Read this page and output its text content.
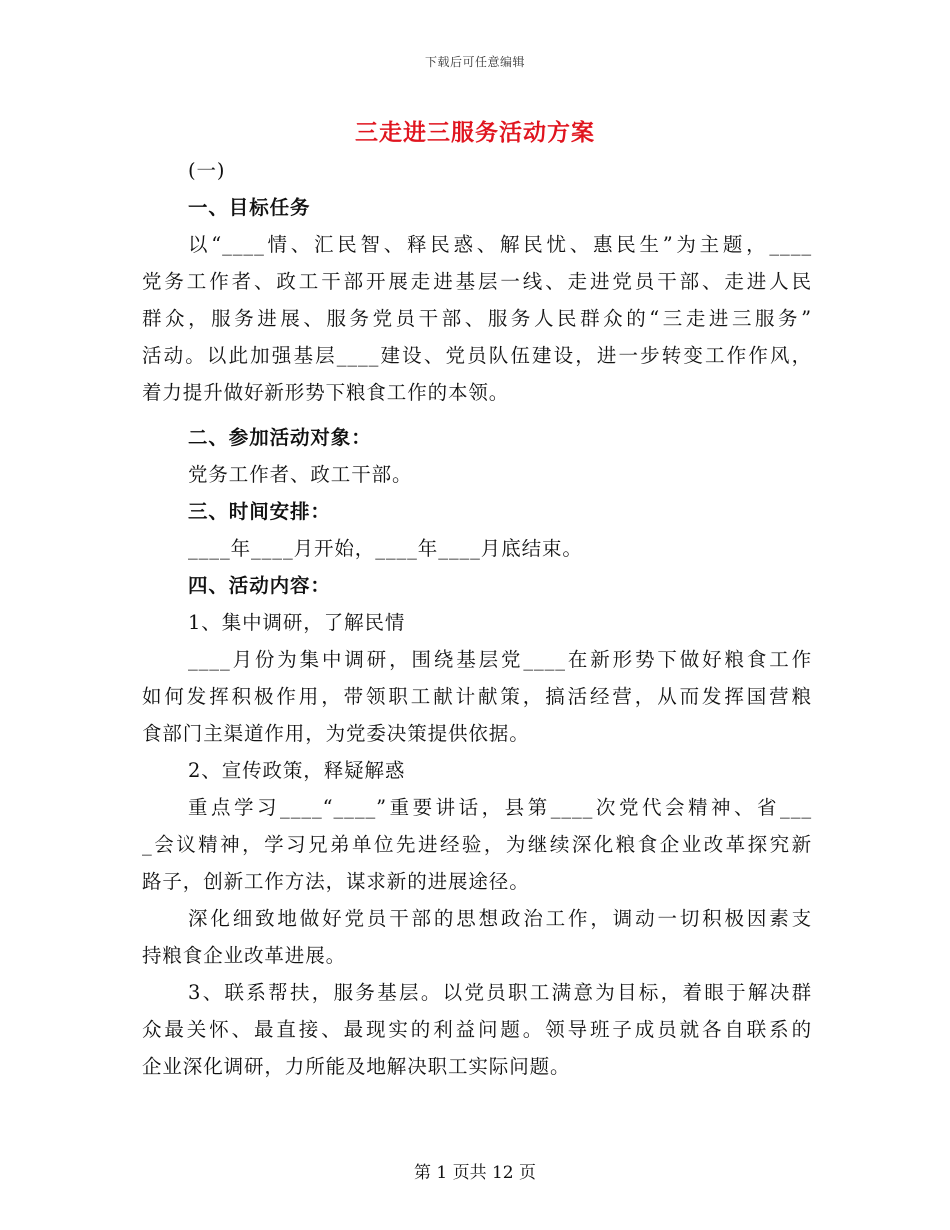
下载后可任意编辑
三走进三服务活动方案
(一)
一、目标任务
以“____情、汇民智、释民惑、解民忧、惠民生”为主题，____
党务工作者、政工干部开展走进基层一线、走进党员干部、走进人民
群众，服务进展、服务党员干部、服务人民群众的“三走进三服务”
活动。以此加强基层____建设、党员队伍建设，进一步转变工作作风，
着力提升做好新形势下粮食工作的本领。
二、参加活动对象：
党务工作者、政工干部。
三、时间安排：
____年____月开始，____年____月底结束。
四、活动内容：
1、集中调研，了解民情
____月份为集中调研，围绕基层党____在新形势下做好粮食工作
如何发挥积极作用，带领职工献计献策，搞活经营，从而发挥国营粮
食部门主渠道作用，为党委决策提供依据。
2、宣传政策，释疑解惑
重点学习____“____”重要讲话，县第____次党代会精神、省___
_会议精神，学习兄弟单位先进经验，为继续深化粮食企业改革探究新
路子，创新工作方法，谋求新的进展途径。
深化细致地做好党员干部的思想政治工作，调动一切积极因素支
持粮食企业改革进展。
3、联系帮扶，服务基层。以党员职工满意为目标，着眼于解决群
众最关怀、最直接、最现实的利益问题。领导班子成员就各自联系的
企业深化调研，力所能及地解决职工实际问题。
第 1 页共 12 页
